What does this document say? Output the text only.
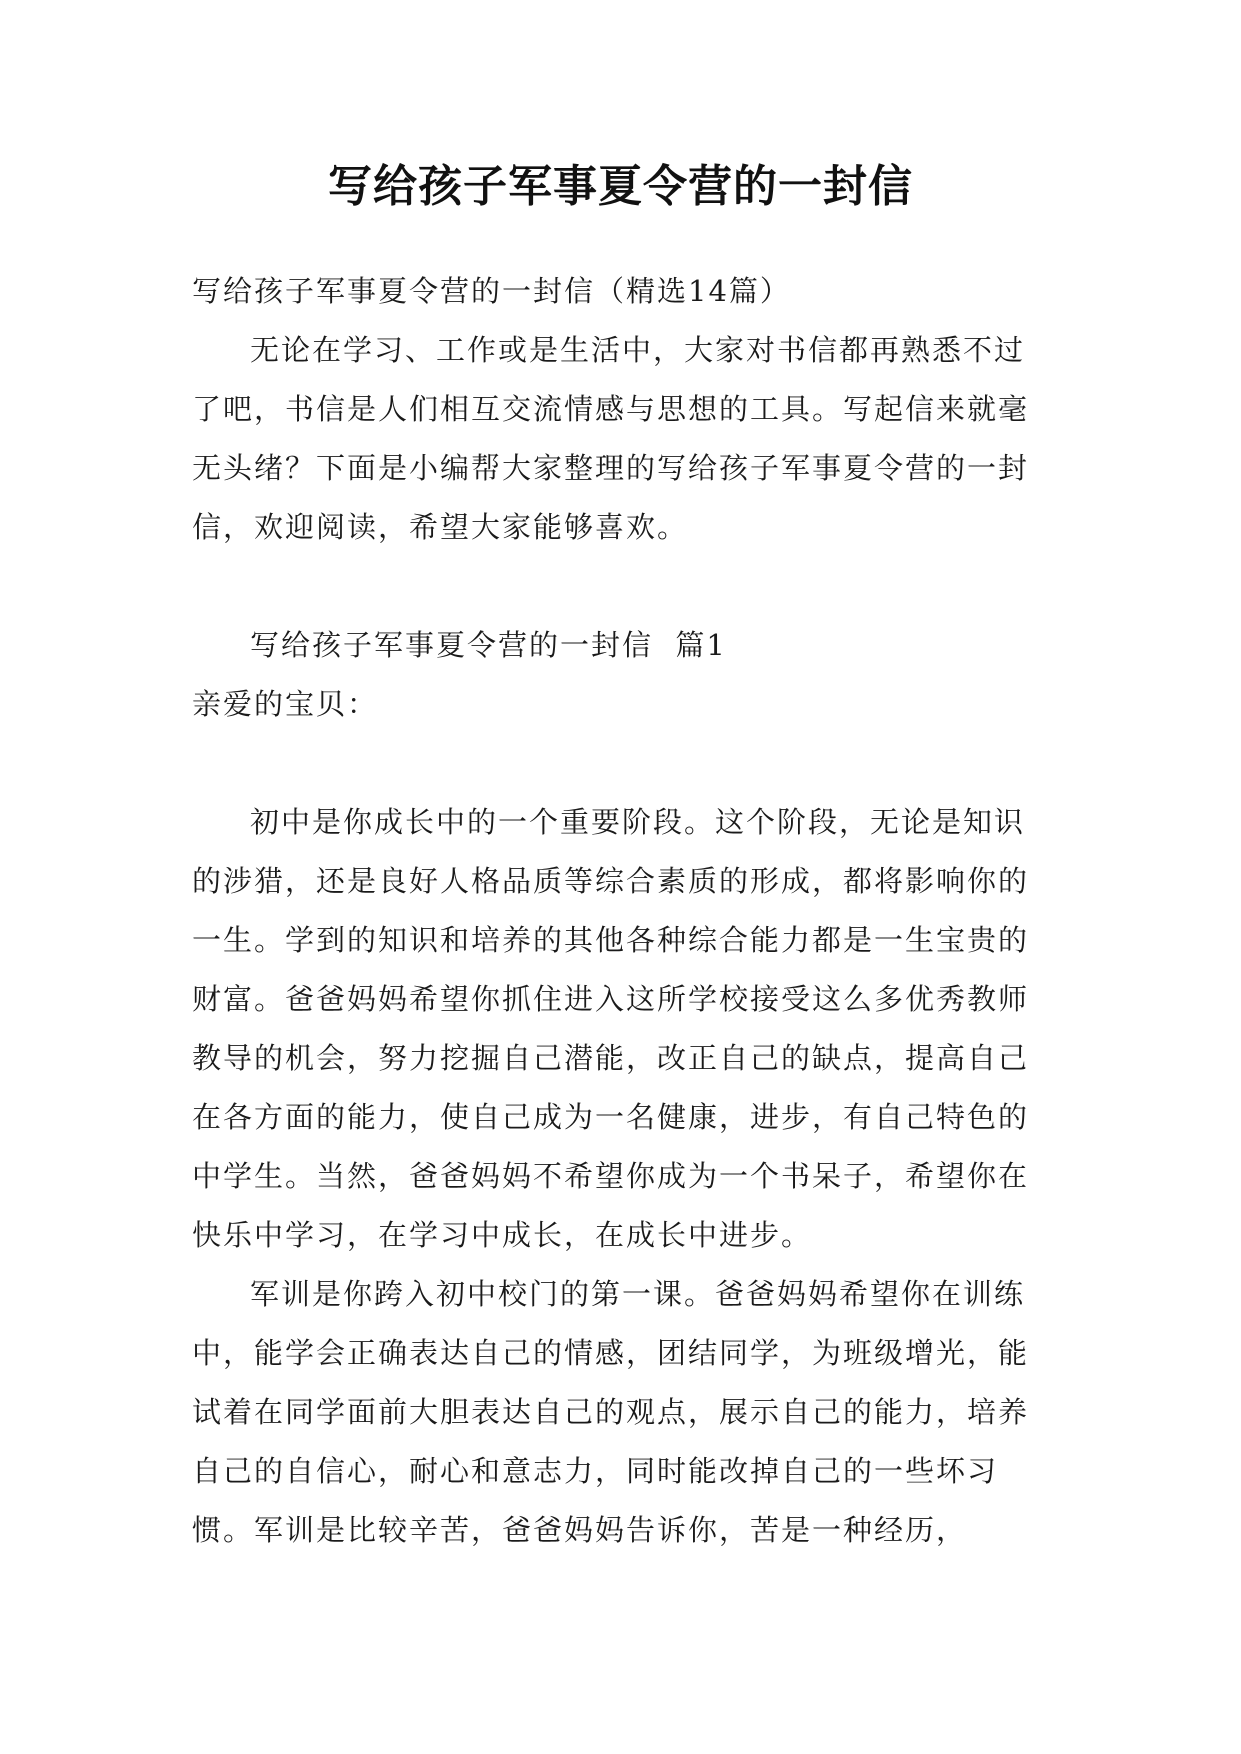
写给孩子军事夏令营的一封信

写给孩子军事夏令营的一封信（精选14篇）

无论在学习、工作或是生活中，大家对书信都再熟悉不过了吧，书信是人们相互交流情感与思想的工具。写起信来就毫无头绪？下面是小编帮大家整理的写给孩子军事夏令营的一封信，欢迎阅读，希望大家能够喜欢。

写给孩子军事夏令营的一封信  篇1

亲爱的宝贝：

初中是你成长中的一个重要阶段。这个阶段，无论是知识的涉猎，还是良好人格品质等综合素质的形成，都将影响你的一生。学到的知识和培养的其他各种综合能力都是一生宝贵的财富。爸爸妈妈希望你抓住进入这所学校接受这么多优秀教师教导的机会，努力挖掘自己潜能，改正自己的缺点，提高自己在各方面的能力，使自己成为一名健康，进步，有自己特色的中学生。当然，爸爸妈妈不希望你成为一个书呆子，希望你在快乐中学习，在学习中成长，在成长中进步。

军训是你跨入初中校门的第一课。爸爸妈妈希望你在训练中，能学会正确表达自己的情感，团结同学，为班级增光，能试着在同学面前大胆表达自己的观点，展示自己的能力，培养自己的自信心，耐心和意志力，同时能改掉自己的一些坏习惯。军训是比较辛苦，爸爸妈妈告诉你，苦是一种经历，
